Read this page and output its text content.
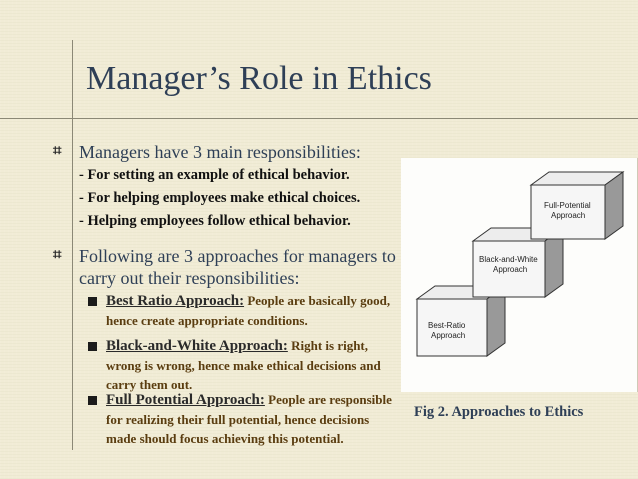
Manager’s Role in Ethics
⌗ Managers have 3 main responsibilities:
- For setting an example of ethical behavior.
- For helping employees make ethical choices.
- Helping employees follow ethical behavior.
⌗ Following are 3 approaches for managers to
carry out their responsibilities:
Best Ratio Approach: People are basically good, hence create appropriate conditions.
Black-and-White Approach: Right is right, wrong is wrong, hence make ethical decisions and carry them out.
Full Potential Approach: People are responsible for realizing their full potential, hence decisions made should focus achieving this potential.
Best-Ratio
Approach
Black-and-White
Approach
Full-Potential
Approach
Fig 2. Approaches to Ethics
